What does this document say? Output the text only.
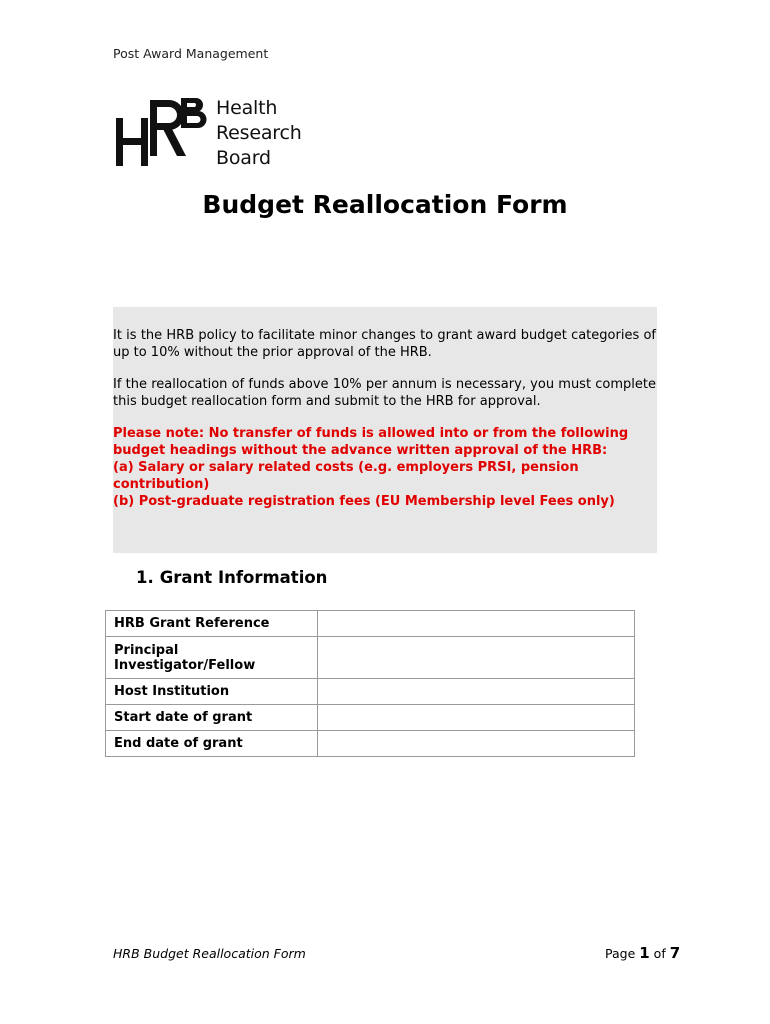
Post Award Management
Health
Research
Board
Budget Reallocation Form

It is the HRB policy to facilitate minor changes to grant award budget categories of up to 10% without the prior approval of the HRB.

If the reallocation of funds above 10% per annum is necessary, you must complete this budget reallocation form and submit to the HRB for approval.

Please note: No transfer of funds is allowed into or from the following budget headings without the advance written approval of the HRB:
(a) Salary or salary related costs (e.g. employers PRSI, pension contribution)
(b) Post-graduate registration fees (EU Membership level Fees only)

1. Grant Information
HRB Grant Reference	
Principal Investigator/Fellow	
Host Institution	
Start date of grant	
End date of grant	
HRB Budget Reallocation Form	Page 1 of 7
